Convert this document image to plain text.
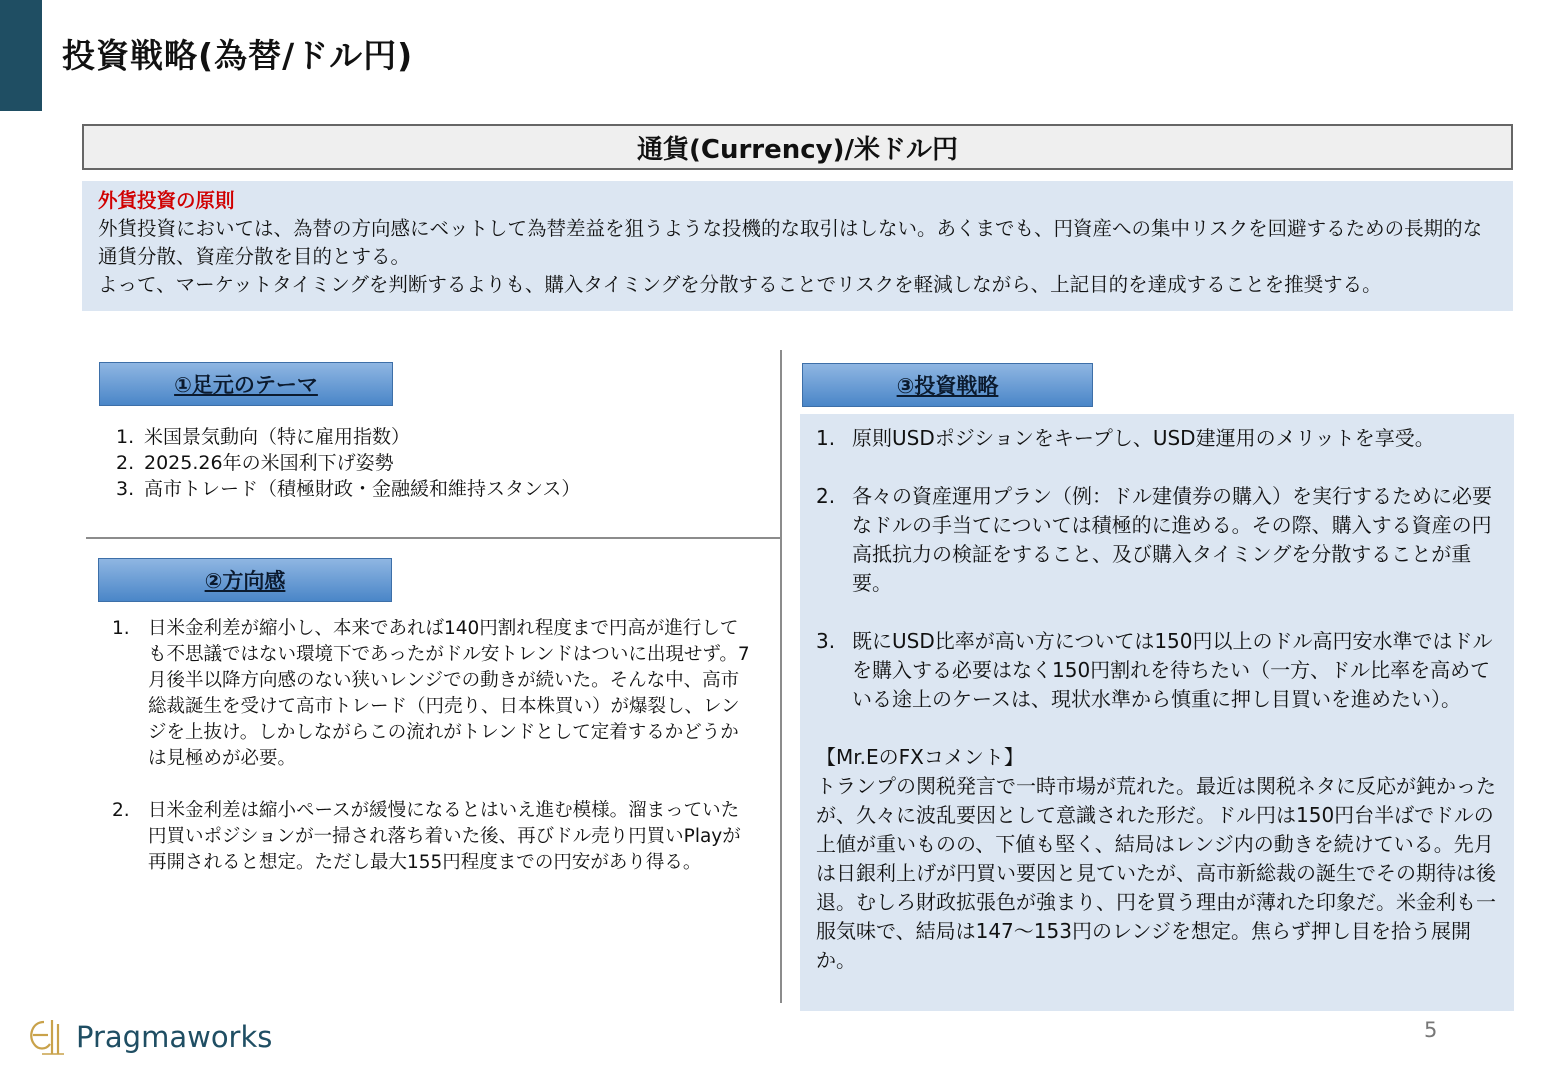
投資戦略(為替/ドル円)
通貨(Currency)/米ドル円
外貨投資の原則
外貨投資においては、為替の方向感にベットして為替差益を狙うような投機的な取引はしない。あくまでも、円資産への集中リスクを回避するための長期的な通貨分散、資産分散を目的とする。
よって、マーケットタイミングを判断するよりも、購入タイミングを分散することでリスクを軽減しながら、上記目的を達成することを推奨する。
①足元のテーマ
1. 米国景気動向（特に雇用指数）
2. 2025.26年の米国利下げ姿勢
3. 高市トレード（積極財政・金融緩和維持スタンス）
②方向感
1. 日米金利差が縮小し、本来であれば140円割れ程度まで円高が進行しても不思議ではない環境下であったがドル安トレンドはついに出現せず。7月後半以降方向感のない狭いレンジでの動きが続いた。そんな中、高市総裁誕生を受けて高市トレード（円売り、日本株買い）が爆裂し、レンジを上抜け。しかしながらこの流れがトレンドとして定着するかどうかは見極めが必要。
2. 日米金利差は縮小ペースが緩慢になるとはいえ進む模様。溜まっていた円買いポジションが一掃され落ち着いた後、再びドル売り円買いPlayが再開されると想定。ただし最大155円程度までの円安があり得る。
③投資戦略
1. 原則USDポジションをキープし、USD建運用のメリットを享受。
2. 各々の資産運用プラン（例：ドル建債券の購入）を実行するために必要なドルの手当てについては積極的に進める。その際、購入する資産の円高抵抗力の検証をすること、及び購入タイミングを分散することが重要。
3. 既にUSD比率が高い方については150円以上のドル高円安水準ではドルを購入する必要はなく150円割れを待ちたい（一方、ドル比率を高めている途上のケースは、現状水準から慎重に押し目買いを進めたい）。
【Mr.EのFXコメント】
トランプの関税発言で一時市場が荒れた。最近は関税ネタに反応が鈍かったが、久々に波乱要因として意識された形だ。ドル円は150円台半ばでドルの上値が重いものの、下値も堅く、結局はレンジ内の動きを続けている。先月は日銀利上げが円買い要因と見ていたが、高市新総裁の誕生でその期待は後退。むしろ財政拡張色が強まり、円を買う理由が薄れた印象だ。米金利も一服気味で、結局は147～153円のレンジを想定。焦らず押し目を拾う展開か。
Pragmaworks	5
